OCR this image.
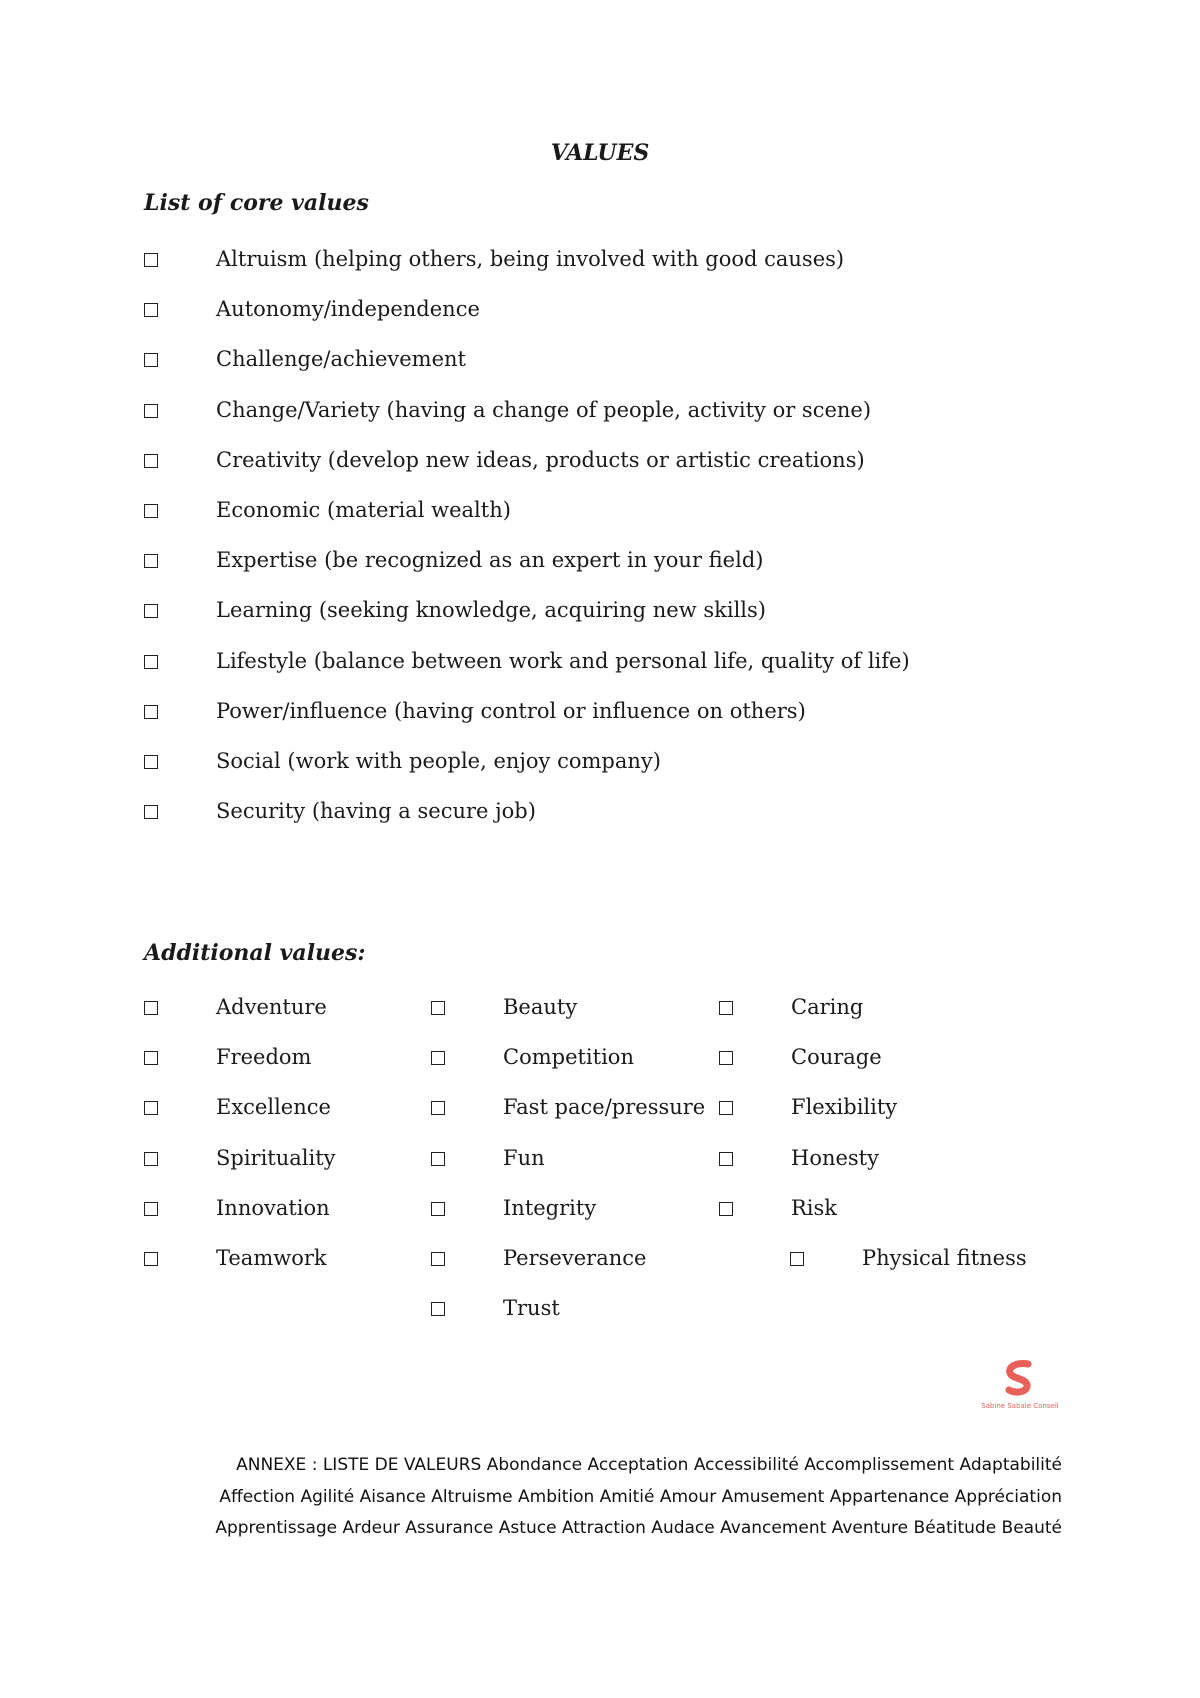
VALUES
List of core values
Altruism (helping others, being involved with good causes)
Autonomy/independence
Challenge/achievement
Change/Variety (having a change of people, activity or scene)
Creativity (develop new ideas, products or artistic creations)
Economic (material wealth)
Expertise (be recognized as an expert in your field)
Learning (seeking knowledge, acquiring new skills)
Lifestyle (balance between work and personal life, quality of life)
Power/influence (having control or influence on others)
Social (work with people, enjoy company)
Security (having a secure job)
Additional values:
Adventure
Freedom
Excellence
Spirituality
Innovation
Teamwork
Beauty
Competition
Fast pace/pressure
Fun
Integrity
Perseverance
Trust
Caring
Courage
Flexibility
Honesty
Risk
Physical fitness
Sabine Sabale Conseil
ANNEXE : LISTE DE VALEURS Abondance Acceptation Accessibilité Accomplissement Adaptabilité
Affection Agilité Aisance Altruisme Ambition Amitié Amour Amusement Appartenance Appréciation
Apprentissage Ardeur Assurance Astuce Attraction Audace Avancement Aventure Béatitude Beauté
